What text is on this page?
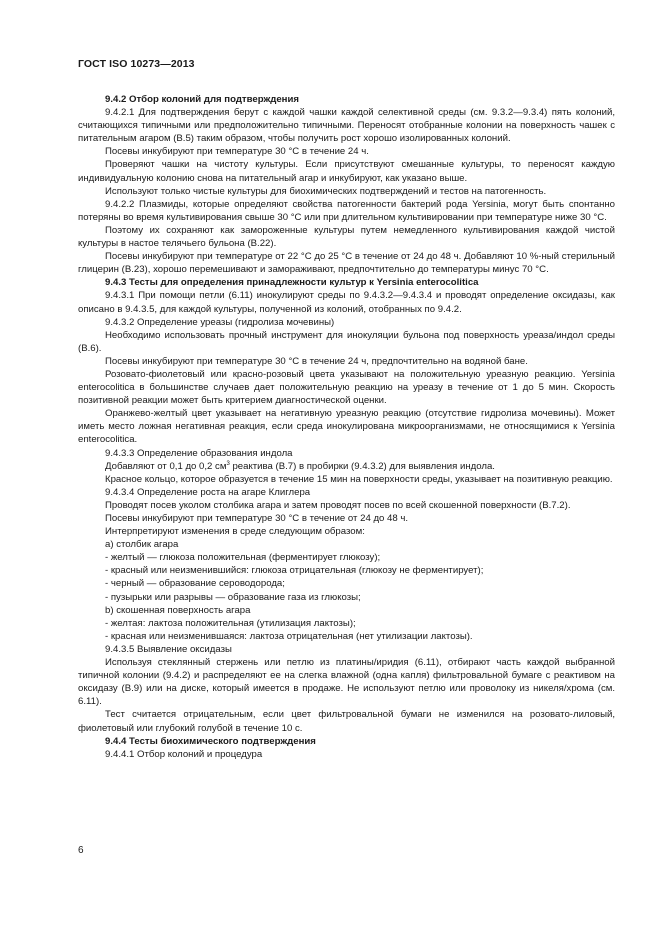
ГОСТ ISO 10273—2013

9.4.2 Отбор колоний для подтверждения

9.4.2.1 Для подтверждения берут с каждой чашки каждой селективной среды (см. 9.3.2—9.3.4) пять колоний, считающихся типичными или предположительно типичными. Переносят отобранные колонии на поверхность чашек с питательным агаром (B.5) таким образом, чтобы получить рост хорошо изолированных колоний.

Посевы инкубируют при температуре 30 °C в течение 24 ч.

Проверяют чашки на чистоту культуры. Если присутствуют смешанные культуры, то переносят каждую индивидуальную колонию снова на питательный агар и инкубируют, как указано выше.

Используют только чистые культуры для биохимических подтверждений и тестов на патогенность.

9.4.2.2 Плазмиды, которые определяют свойства патогенности бактерий рода Yersinia, могут быть спонтанно потеряны во время культивирования свыше 30 °C или при длительном культивировании при температуре ниже 30 °C.

Поэтому их сохраняют как замороженные культуры путем немедленного культивирования каждой чистой культуры в настое телячьего бульона (B.22).

Посевы инкубируют при температуре от 22 °C до 25 °C в течение от 24 до 48 ч. Добавляют 10 %-ный стерильный глицерин (B.23), хорошо перемешивают и замораживают, предпочтительно до температуры минус 70 °C.

9.4.3 Тесты для определения принадлежности культур к Yersinia enterocolitica

9.4.3.1 При помощи петли (6.11) инокулируют среды по 9.4.3.2—9.4.3.4 и проводят определение оксидазы, как описано в 9.4.3.5, для каждой культуры, полученной из колоний, отобранных по 9.4.2.

9.4.3.2 Определение уреазы (гидролиза мочевины)

Необходимо использовать прочный инструмент для инокуляции бульона под поверхность уреаза/индол среды (B.6).

Посевы инкубируют при температуре 30 °C в течение 24 ч, предпочтительно на водяной бане.

Розовато-фиолетовый или красно-розовый цвета указывают на положительную уреазную реакцию. Yersinia enterocolitica в большинстве случаев дает положительную реакцию на уреазу в течение от 1 до 5 мин. Скорость позитивной реакции может быть критерием диагностической оценки.

Оранжево-желтый цвет указывает на негативную уреазную реакцию (отсутствие гидролиза мочевины). Может иметь место ложная негативная реакция, если среда инокулирована микроорганизмами, не относящимися к Yersinia enterocolitica.

9.4.3.3 Определение образования индола

Добавляют от 0,1 до 0,2 $см^3$ реактива (B.7) в пробирки (9.4.3.2) для выявления индола.

Красное кольцо, которое образуется в течение 15 мин на поверхности среды, указывает на позитивную реакцию.

9.4.3.4 Определение роста на агаре Клиглера

Проводят посев уколом столбика агара и затем проводят посев по всей скошенной поверхности (B.7.2).

Посевы инкубируют при температуре 30 °C в течение от 24 до 48 ч.

Интерпретируют изменения в среде следующим образом:

a) столбик агара

- желтый — глюкоза положительная (ферментирует глюкозу);

- красный или неизменившийся: глюкоза отрицательная (глюкозу не ферментирует);

- черный — образование сероводорода;

- пузырьки или разрывы — образование газа из глюкозы;

b) скошенная поверхность агара

- желтая: лактоза положительная (утилизация лактозы);

- красная или неизменившаяся: лактоза отрицательная (нет утилизации лактозы).

9.4.3.5 Выявление оксидазы

Используя стеклянный стержень или петлю из платины/иридия (6.11), отбирают часть каждой выбранной типичной колонии (9.4.2) и распределяют ее на слегка влажной (одна капля) фильтровальной бумаге с реактивом на оксидазу (B.9) или на диске, который имеется в продаже. Не используют петлю или проволоку из никеля/хрома (см. 6.11).

Тест считается отрицательным, если цвет фильтровальной бумаги не изменился на розовато-лиловый, фиолетовый или глубокий голубой в течение 10 с.

9.4.4 Тесты биохимического подтверждения

9.4.4.1 Отбор колоний и процедура

6
